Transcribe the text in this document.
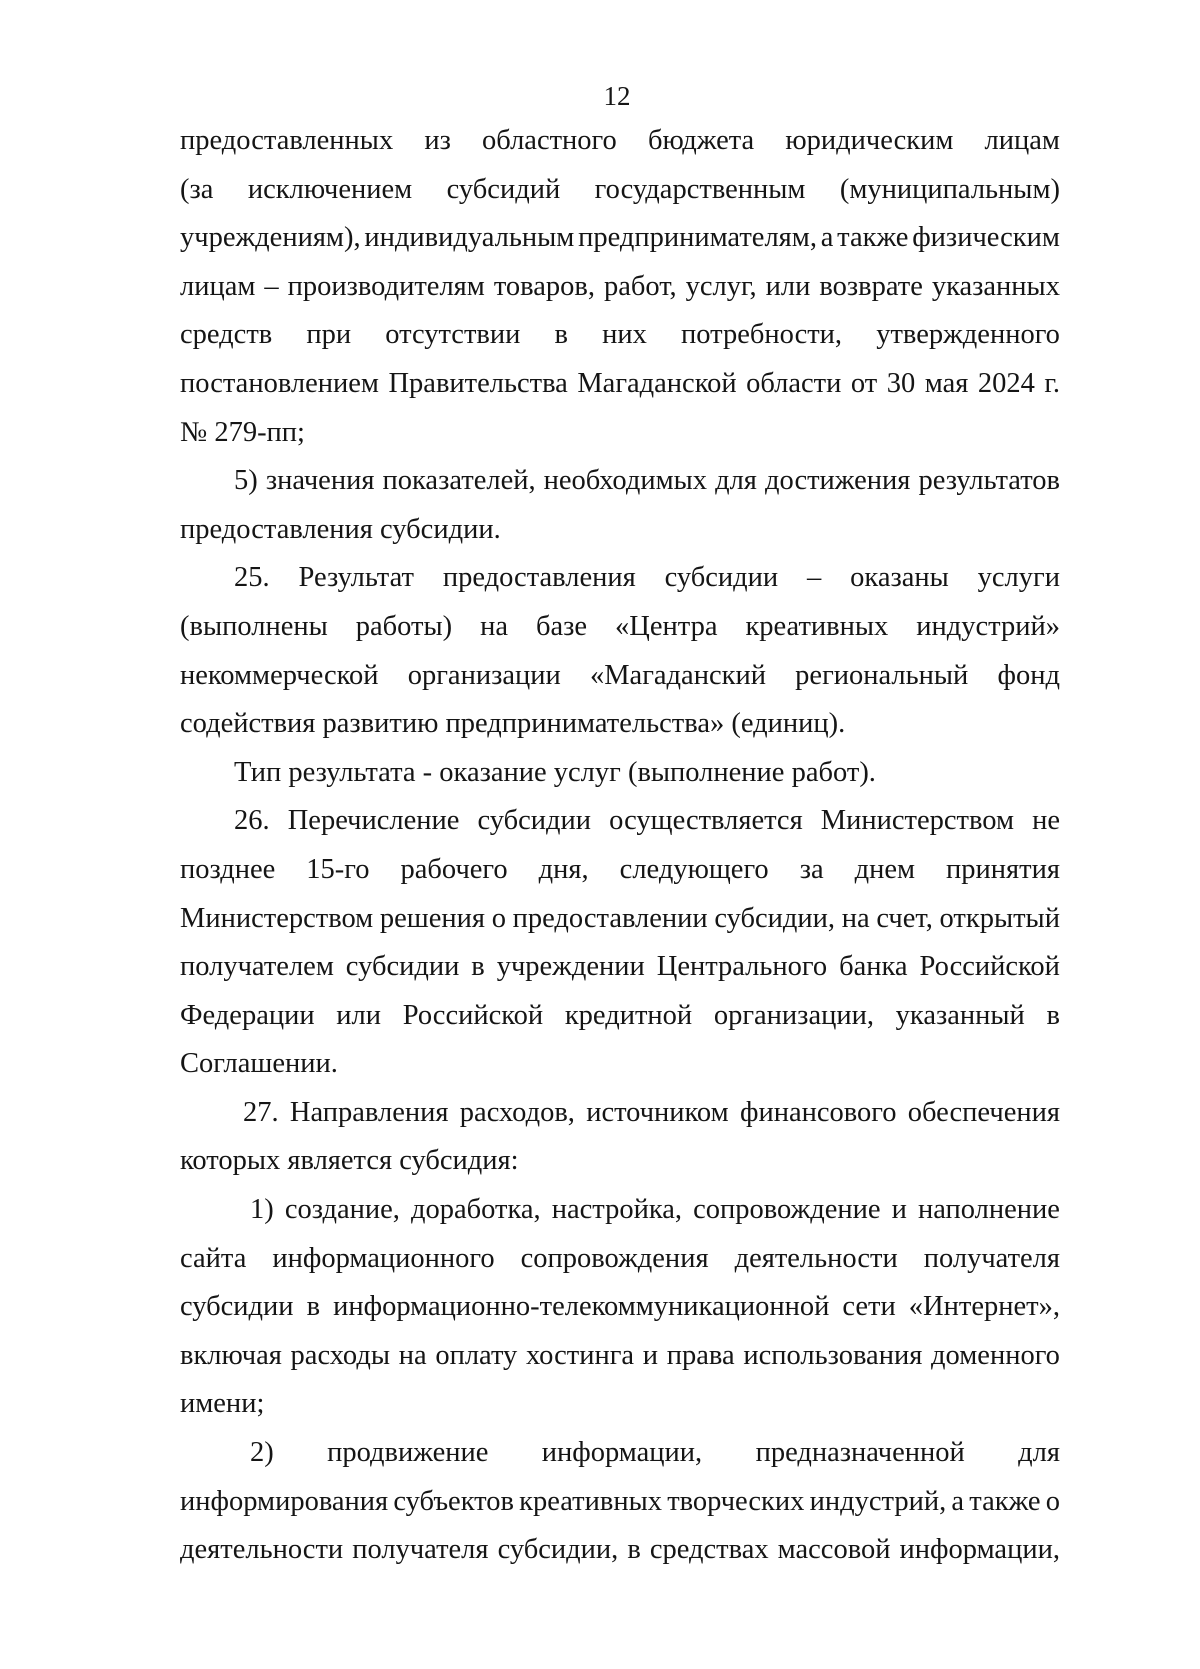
12
предоставленных из областного бюджета юридическим лицам
(за исключением субсидий государственным (муниципальным)
учреждениям), индивидуальным предпринимателям, а также физическим
лицам – производителям товаров, работ, услуг, или возврате указанных
средств при отсутствии в них потребности, утвержденного
постановлением Правительства Магаданской области от 30 мая 2024 г.
№ 279-пп;
5) значения показателей, необходимых для достижения результатов
предоставления субсидии.
25. Результат предоставления субсидии – оказаны услуги
(выполнены работы) на базе «Центра креативных индустрий»
некоммерческой организации «Магаданский региональный фонд
содействия развитию предпринимательства» (единиц).
Тип результата - оказание услуг (выполнение работ).
26. Перечисление субсидии осуществляется Министерством не
позднее 15-го рабочего дня, следующего за днем принятия
Министерством решения о предоставлении субсидии, на счет, открытый
получателем субсидии в учреждении Центрального банка Российской
Федерации или Российской кредитной организации, указанный в
Соглашении.
27. Направления расходов, источником финансового обеспечения
которых является субсидия:
1) создание, доработка, настройка, сопровождение и наполнение
сайта информационного сопровождения деятельности получателя
субсидии в информационно-телекоммуникационной сети «Интернет»,
включая расходы на оплату хостинга и права использования доменного
имени;
2) продвижение информации, предназначенной для
информирования субъектов креативных творческих индустрий, а также о
деятельности получателя субсидии, в средствах массовой информации,
